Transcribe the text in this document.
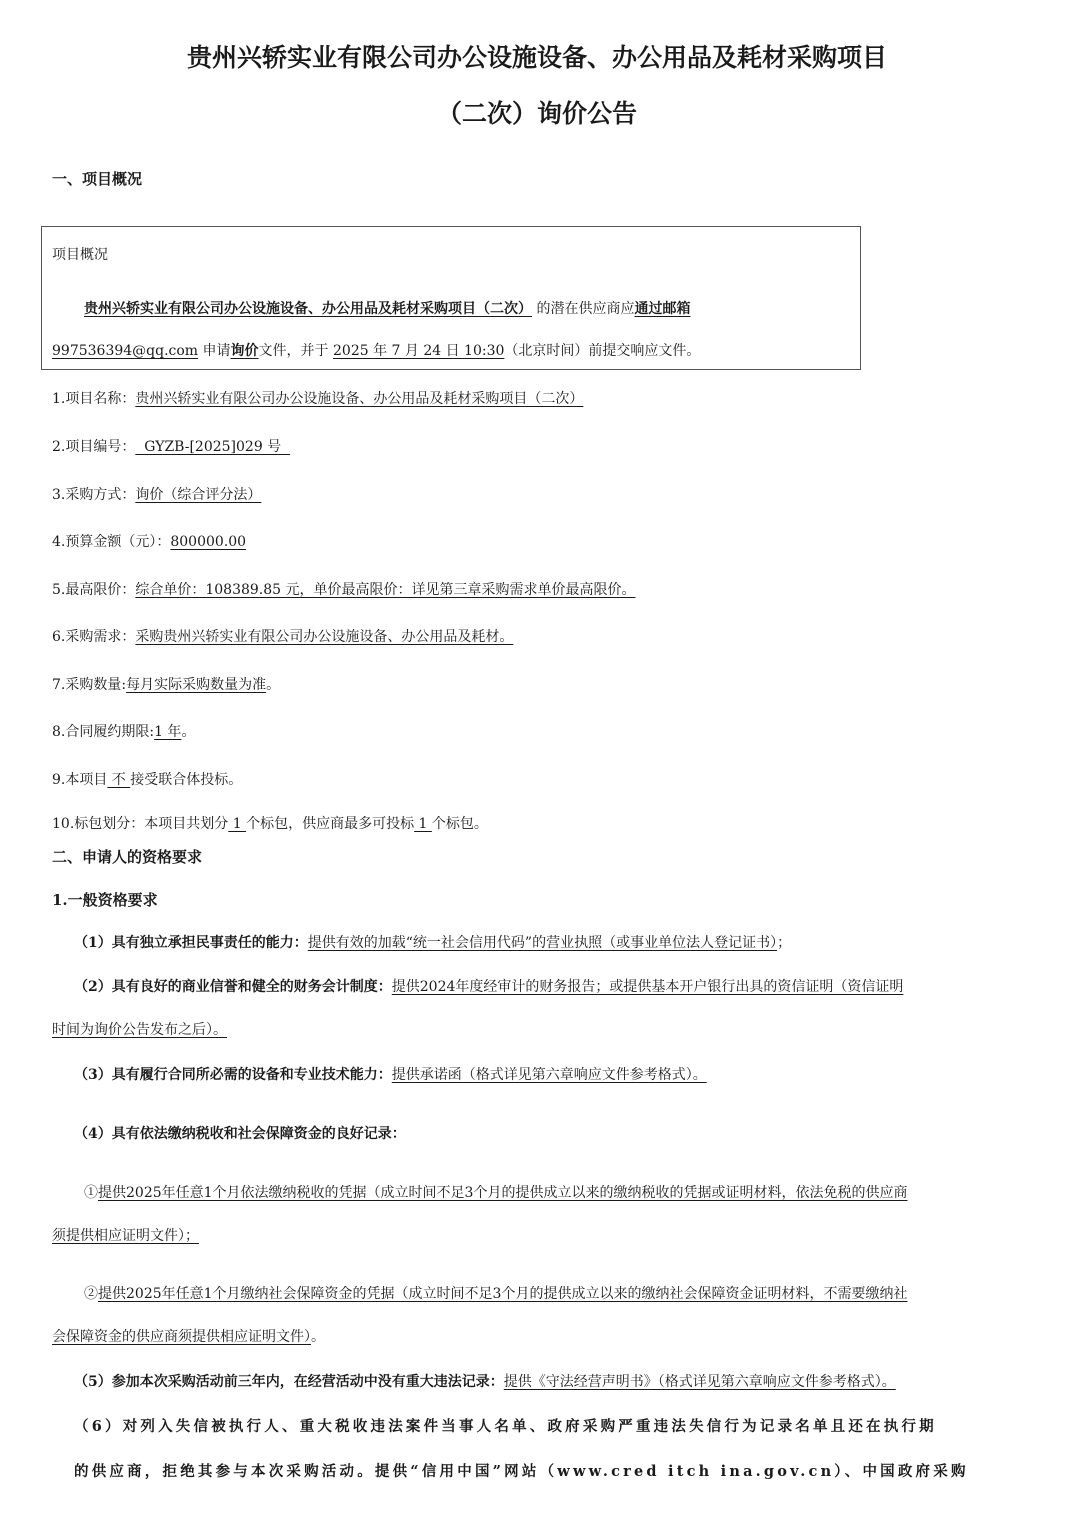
贵州兴轿实业有限公司办公设施设备、办公用品及耗材采购项目
（二次）询价公告
一、项目概况
项目概况
贵州兴轿实业有限公司办公设施设备、办公用品及耗材采购项目（二次） 的潜在供应商应通过邮箱
997536394@qq.com 申请询价文件，并于 2025 年 7 月 24 日 10:30（北京时间）前提交响应文件。
1.项目名称：贵州兴轿实业有限公司办公设施设备、办公用品及耗材采购项目（二次）
2.项目编号：  GYZB-[2025]029 号
3.采购方式：询价（综合评分法）
4.预算金额（元）：800000.00
5.最高限价：综合单价：108389.85 元，单价最高限价：详见第三章采购需求单价最高限价。
6.采购需求：采购贵州兴轿实业有限公司办公设施设备、办公用品及耗材。
7.采购数量:每月实际采购数量为准。
8.合同履约期限:1 年。
9.本项目 不 接受联合体投标。
10.标包划分：本项目共划分 1 个标包，供应商最多可投标 1 个标包。
二、申请人的资格要求
1.一般资格要求
（1）具有独立承担民事责任的能力：提供有效的加载“统一社会信用代码”的营业执照（或事业单位法人登记证书）；
（2）具有良好的商业信誉和健全的财务会计制度：提供2024年度经审计的财务报告；或提供基本开户银行出具的资信证明（资信证明
时间为询价公告发布之后）。
（3）具有履行合同所必需的设备和专业技术能力：提供承诺函（格式详见第六章响应文件参考格式）。
（4）具有依法缴纳税收和社会保障资金的良好记录：
①提供2025年任意1个月依法缴纳税收的凭据（成立时间不足3个月的提供成立以来的缴纳税收的凭据或证明材料，依法免税的供应商
须提供相应证明文件）；
②提供2025年任意1个月缴纳社会保障资金的凭据（成立时间不足3个月的提供成立以来的缴纳社会保障资金证明材料，不需要缴纳社
会保障资金的供应商须提供相应证明文件）。
（5）参加本次采购活动前三年内，在经营活动中没有重大违法记录：提供《守法经营声明书》（格式详见第六章响应文件参考格式）。
（6）对列入失信被执行人、重大税收违法案件当事人名单、政府采购严重违法失信行为记录名单且还在执行期
的供应商，拒绝其参与本次采购活动。提供“信用中国”网站（www.cred itch ina.gov.cn）、中国政府采购
